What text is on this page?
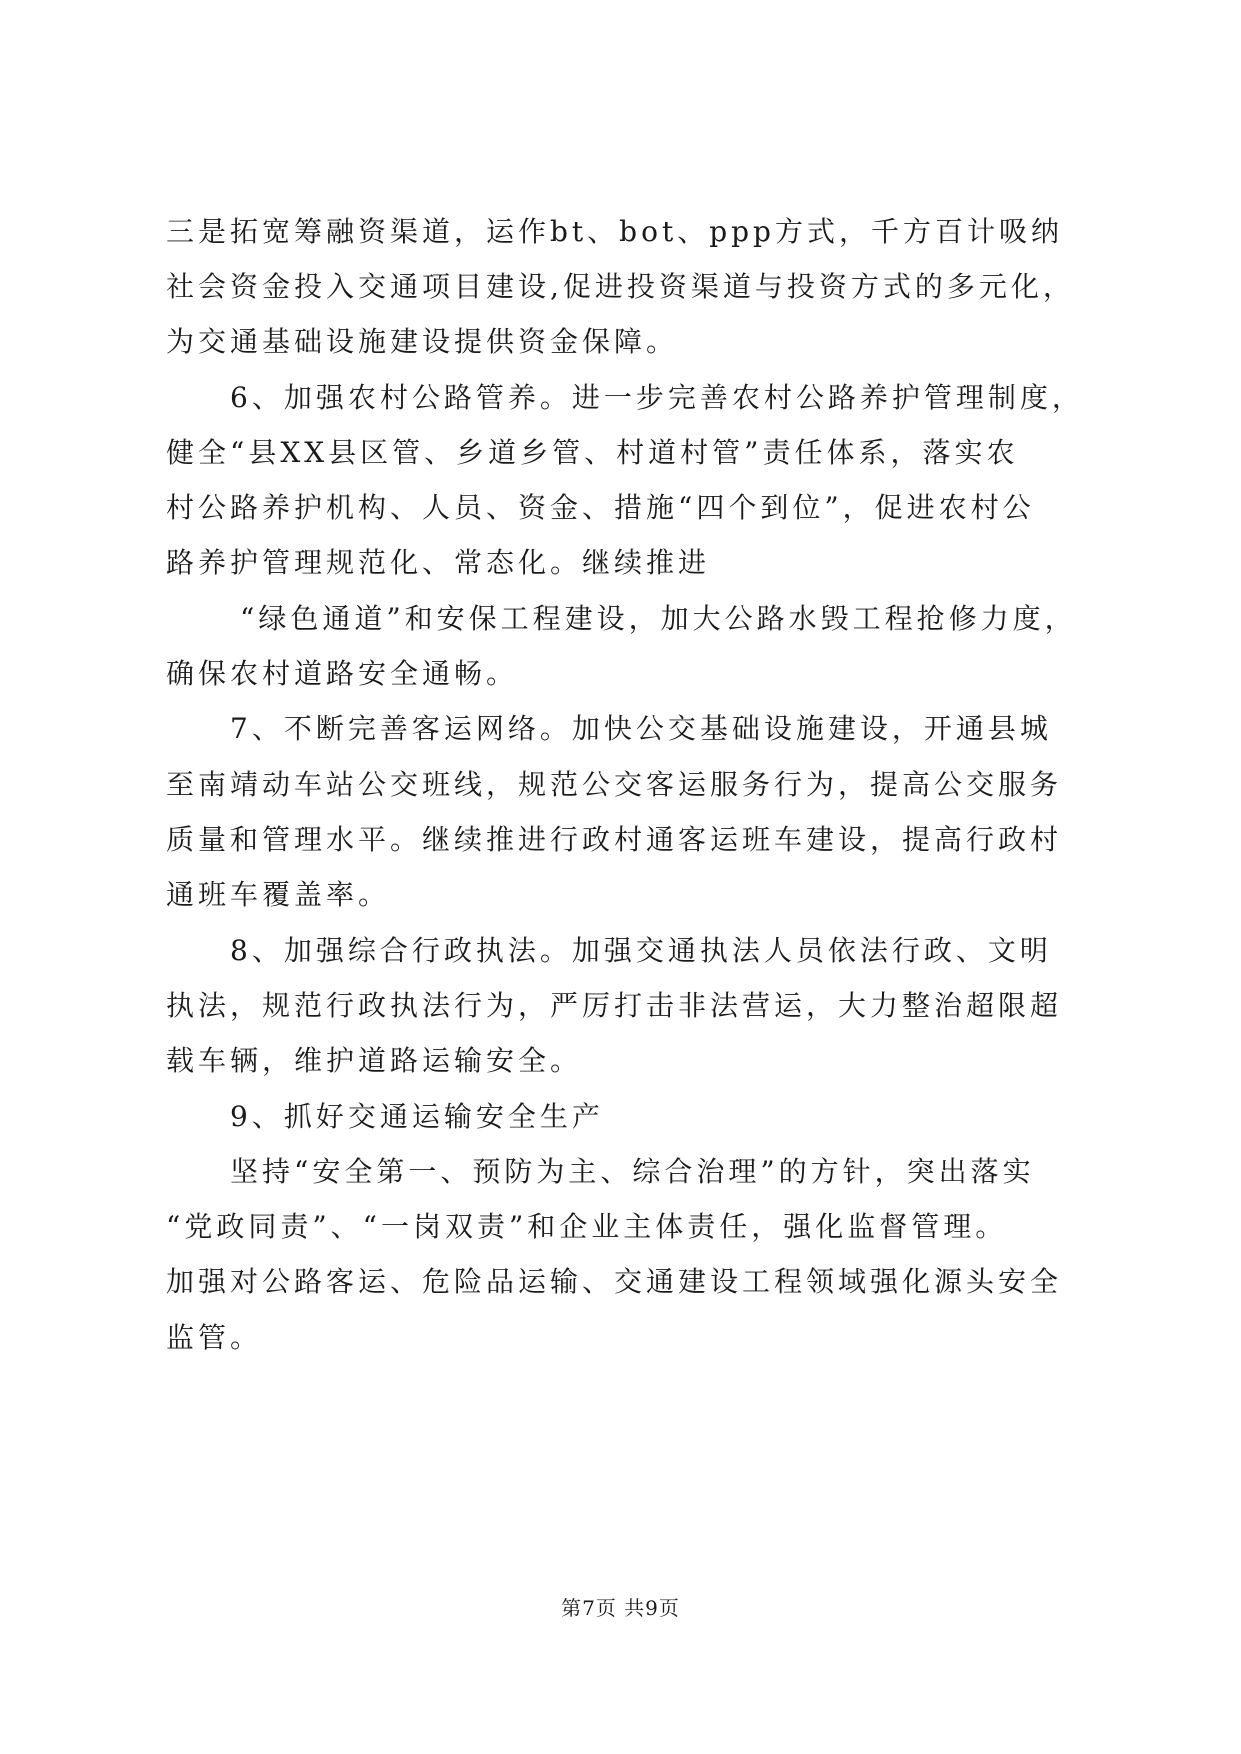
三是拓宽筹融资渠道，运作bt、bot、ppp方式，千方百计吸纳
社会资金投入交通项目建设,促进投资渠道与投资方式的多元化，
为交通基础设施建设提供资金保障。
6、加强农村公路管养。进一步完善农村公路养护管理制度，
健全“县XX县区管、乡道乡管、村道村管”责任体系，落实农
村公路养护机构、人员、资金、措施“四个到位”，促进农村公
路养护管理规范化、常态化。继续推进
“绿色通道”和安保工程建设，加大公路水毁工程抢修力度，
确保农村道路安全通畅。
7、不断完善客运网络。加快公交基础设施建设，开通县城
至南靖动车站公交班线，规范公交客运服务行为，提高公交服务
质量和管理水平。继续推进行政村通客运班车建设，提高行政村
通班车覆盖率。
8、加强综合行政执法。加强交通执法人员依法行政、文明
执法，规范行政执法行为，严厉打击非法营运，大力整治超限超
载车辆，维护道路运输安全。
9、抓好交通运输安全生产
坚持“安全第一、预防为主、综合治理”的方针，突出落实
“党政同责”、“一岗双责”和企业主体责任，强化监督管理。
加强对公路客运、危险品运输、交通建设工程领域强化源头安全
监管。
第7页 共9页
